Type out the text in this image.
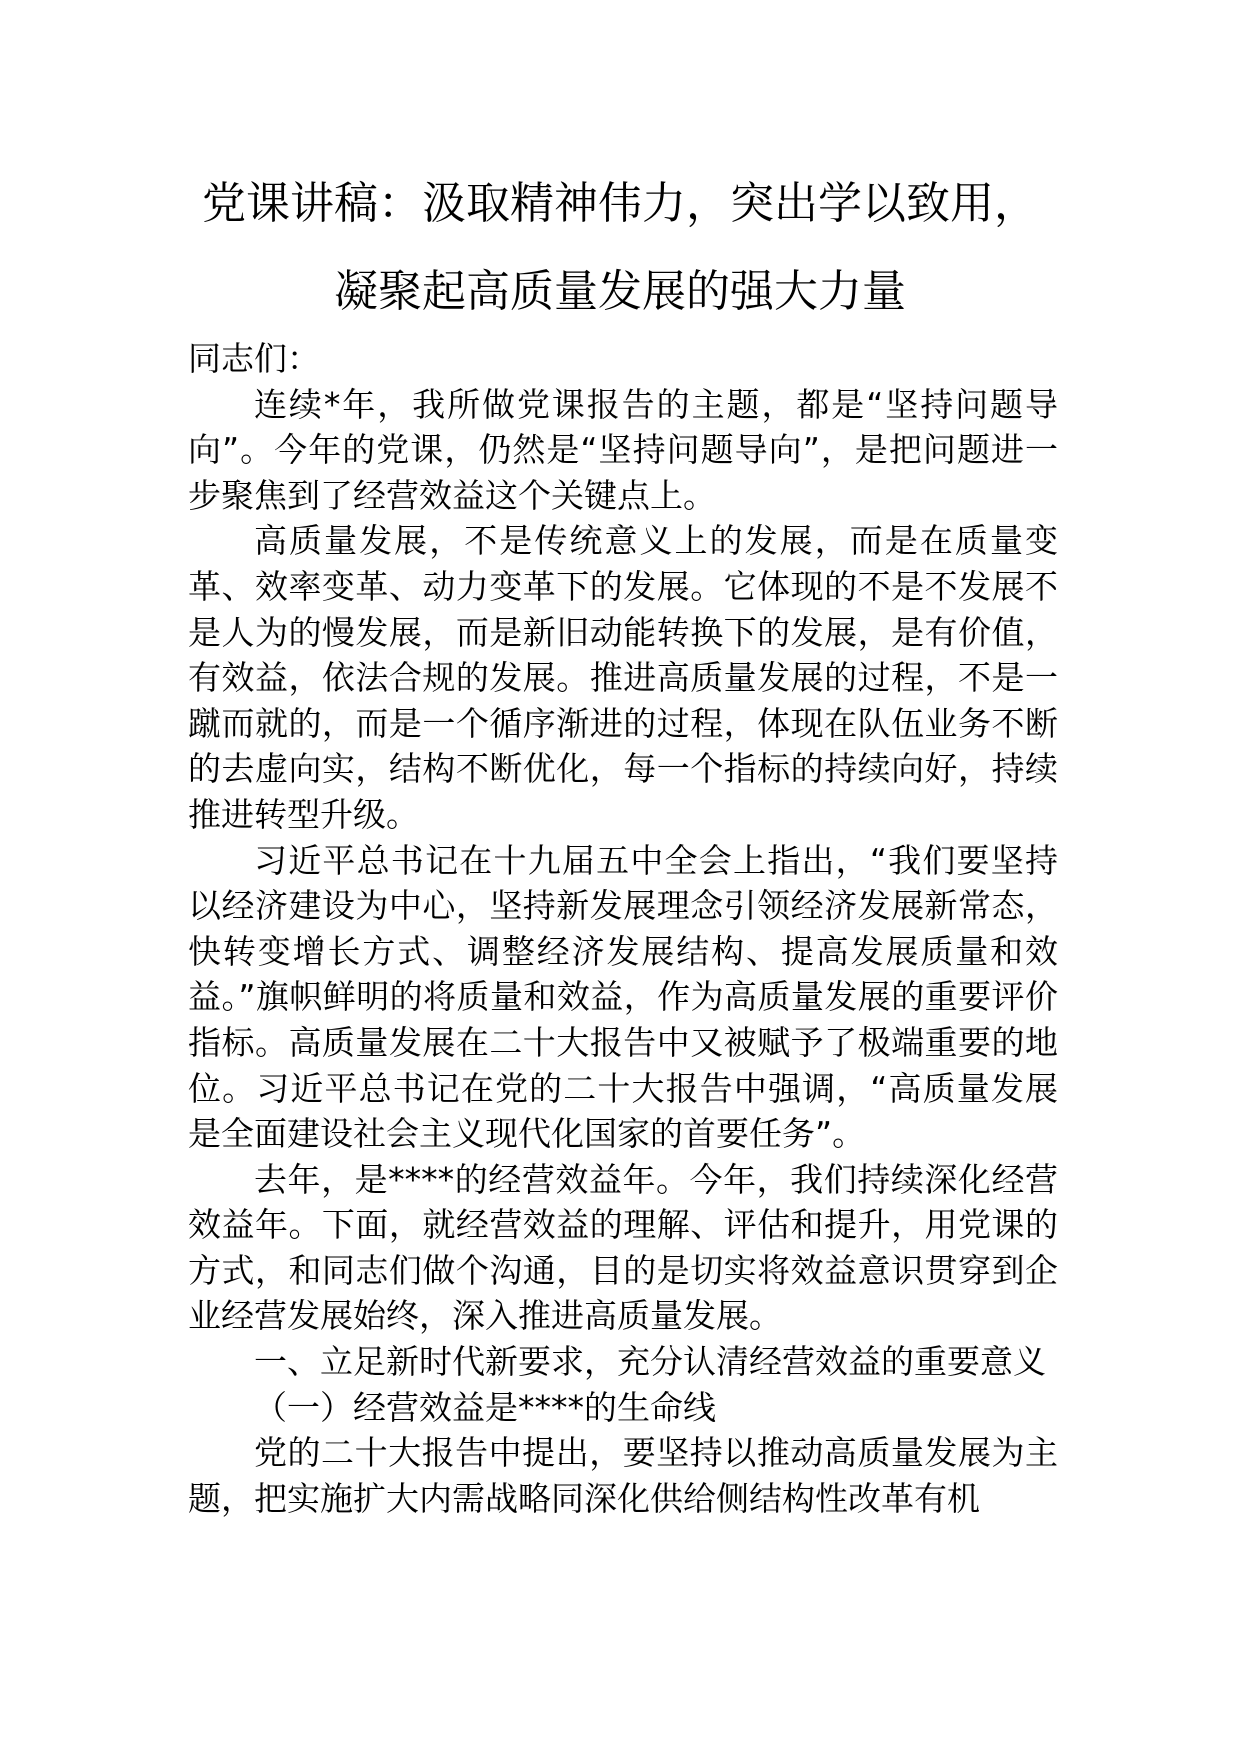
党课讲稿：汲取精神伟力，突出学以致用，
凝聚起高质量发展的强大力量

同志们：

连续*年，我所做党课报告的主题，都是“坚持问题导向”。今年的党课，仍然是“坚持问题导向”，是把问题进一步聚焦到了经营效益这个关键点上。

高质量发展，不是传统意义上的发展，而是在质量变革、效率变革、动力变革下的发展。它体现的不是不发展不是人为的慢发展，而是新旧动能转换下的发展，是有价值，有效益，依法合规的发展。推进高质量发展的过程，不是一蹴而就的，而是一个循序渐进的过程，体现在队伍业务不断的去虚向实，结构不断优化，每一个指标的持续向好，持续推进转型升级。

习近平总书记在十九届五中全会上指出，“我们要坚持以经济建设为中心，坚持新发展理念引领经济发展新常态，快转变增长方式、调整经济发展结构、提高发展质量和效益。”旗帜鲜明的将质量和效益，作为高质量发展的重要评价指标。高质量发展在二十大报告中又被赋予了极端重要的地位。习近平总书记在党的二十大报告中强调，“高质量发展是全面建设社会主义现代化国家的首要任务”。

去年，是****的经营效益年。今年，我们持续深化经营效益年。下面，就经营效益的理解、评估和提升，用党课的方式，和同志们做个沟通，目的是切实将效益意识贯穿到企业经营发展始终，深入推进高质量发展。

一、立足新时代新要求，充分认清经营效益的重要意义

（一）经营效益是****的生命线

党的二十大报告中提出，要坚持以推动高质量发展为主题，把实施扩大内需战略同深化供给侧结构性改革有机
